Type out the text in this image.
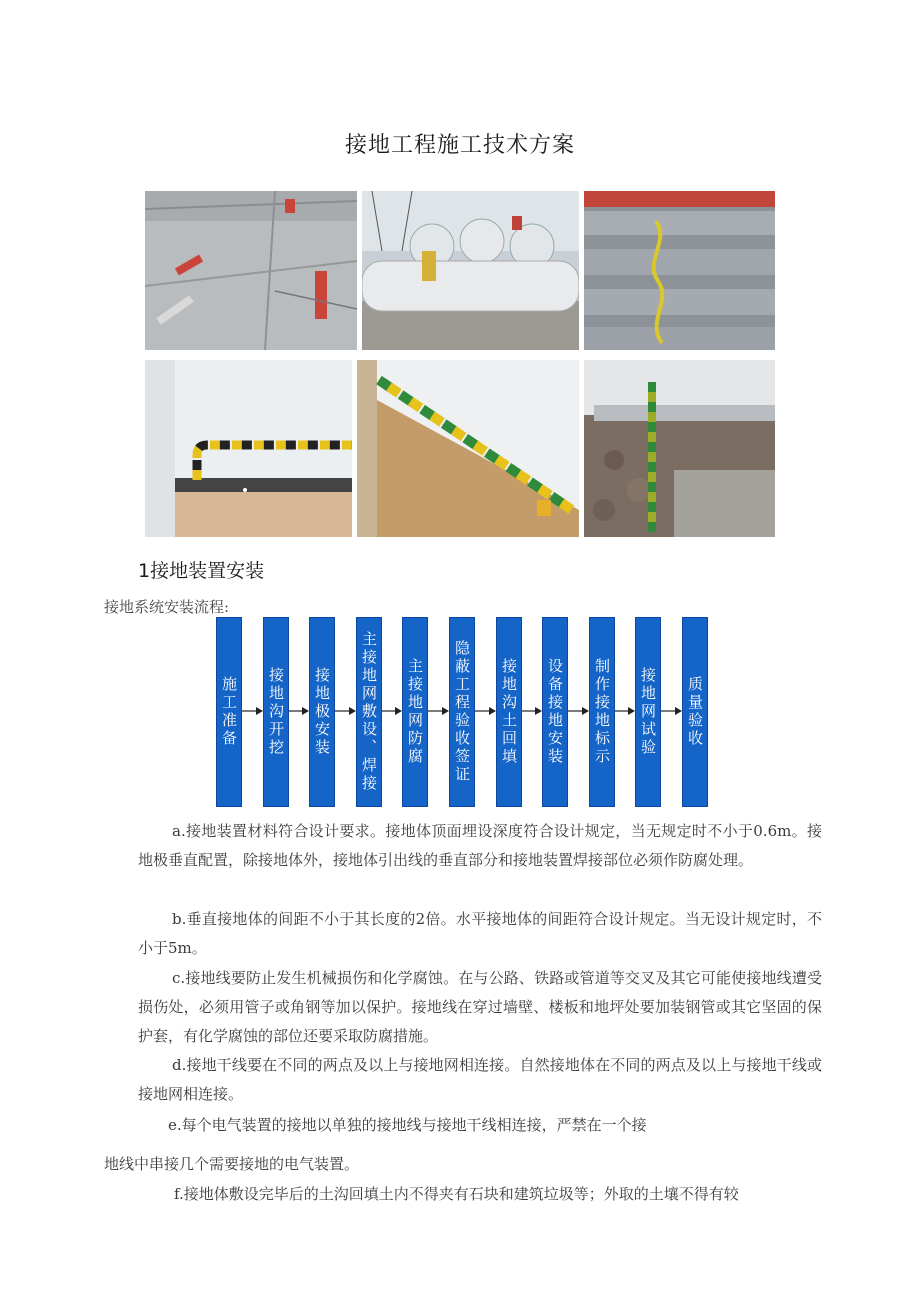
接地工程施工技术方案
1接地装置安装
接地系统安装流程:
施工准备 接地沟开挖 接地极安装 主接地网敷设、焊接 主接地网防腐 隐蔽工程验收签证 接地沟土回填 设备接地安装 制作接地标示 接地网试验 质量验收
a.接地装置材料符合设计要求。接地体顶面埋设深度符合设计规定，当无规定时不小于0.6m。接地极垂直配置，除接地体外，接地体引出线的垂直部分和接地装置焊接部位必须作防腐处理。
b.垂直接地体的间距不小于其长度的2倍。水平接地体的间距符合设计规定。当无设计规定时，不小于5m。
c.接地线要防止发生机械损伤和化学腐蚀。在与公路、铁路或管道等交叉及其它可能使接地线遭受损伤处，必须用管子或角钢等加以保护。接地线在穿过墙壁、楼板和地坪处要加装钢管或其它坚固的保护套，有化学腐蚀的部位还要采取防腐措施。
d.接地干线要在不同的两点及以上与接地网相连接。自然接地体在不同的两点及以上与接地干线或接地网相连接。
e.每个电气装置的接地以单独的接地线与接地干线相连接，严禁在一个接
地线中串接几个需要接地的电气装置。
f.接地体敷设完毕后的土沟回填土内不得夹有石块和建筑垃圾等；外取的土壤不得有较
